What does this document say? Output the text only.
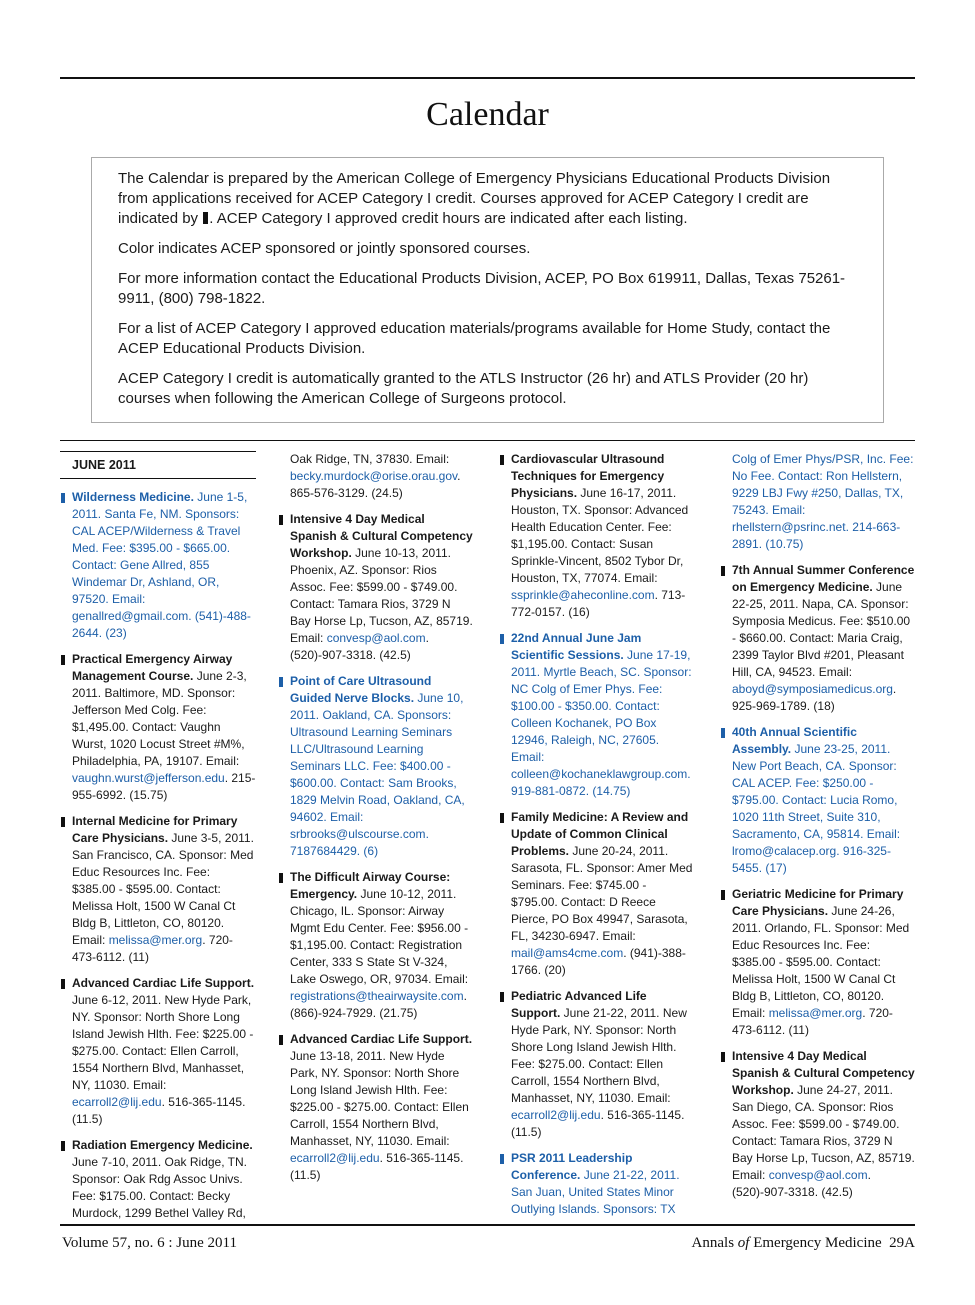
Calendar

The Calendar is prepared by the American College of Emergency Physicians Educational Products Division from applications received for ACEP Category I credit. Courses approved for ACEP Category I credit are indicated by . ACEP Category I approved credit hours are indicated after each listing.

Color indicates ACEP sponsored or jointly sponsored courses.

For more information contact the Educational Products Division, ACEP, PO Box 619911, Dallas, Texas 75261-9911, (800) 798-1822.

For a list of ACEP Category I approved education materials/programs available for Home Study, contact the ACEP Educational Products Division.

ACEP Category I credit is automatically granted to the ATLS Instructor (26 hr) and ATLS Provider (20 hr) courses when following the American College of Surgeons protocol.

JUNE 2011
Wilderness Medicine. June 1-5, 2011. Santa Fe, NM. Sponsors: CAL ACEP/Wilderness & Travel Med. Fee: $395.00 - $665.00. Contact: Gene Allred, 855 Windemar Dr, Ashland, OR, 97520. Email: genallred@gmail.com. (541)-488-2644. (23)
Practical Emergency Airway Management Course. June 2-3, 2011. Baltimore, MD. Sponsor: Jefferson Med Colg. Fee: $1,495.00. Contact: Vaughn Wurst, 1020 Locust Street #M%, Philadelphia, PA, 19107. Email: vaughn.wurst@jefferson.edu. 215-955-6992. (15.75)
Internal Medicine for Primary Care Physicians. June 3-5, 2011. San Francisco, CA. Sponsor: Med Educ Resources Inc. Fee: $385.00 - $595.00. Contact: Melissa Holt, 1500 W Canal Ct Bldg B, Littleton, CO, 80120. Email: melissa@mer.org. 720-473-6112. (11)
Advanced Cardiac Life Support. June 6-12, 2011. New Hyde Park, NY. Sponsor: North Shore Long Island Jewish Hlth. Fee: $225.00 - $275.00. Contact: Ellen Carroll, 1554 Northern Blvd, Manhasset, NY, 11030. Email: ecarroll2@lij.edu. 516-365-1145. (11.5)
Radiation Emergency Medicine. June 7-10, 2011. Oak Ridge, TN. Sponsor: Oak Rdg Assoc Univs. Fee: $175.00. Contact: Becky Murdock, 1299 Bethel Valley Rd,
Oak Ridge, TN, 37830. Email: becky.murdock@orise.orau.gov. 865-576-3129. (24.5)
Intensive 4 Day Medical Spanish & Cultural Competency Workshop. June 10-13, 2011. Phoenix, AZ. Sponsor: Rios Assoc. Fee: $599.00 - $749.00. Contact: Tamara Rios, 3729 N Bay Horse Lp, Tucson, AZ, 85719. Email: convesp@aol.com. (520)-907-3318. (42.5)
Point of Care Ultrasound Guided Nerve Blocks. June 10, 2011. Oakland, CA. Sponsors: Ultrasound Learning Seminars LLC/Ultrasound Learning Seminars LLC. Fee: $400.00 - $600.00. Contact: Sam Brooks, 1829 Melvin Road, Oakland, CA, 94602. Email: srbrooks@ulscourse.com. 7187684429. (6)
The Difficult Airway Course: Emergency. June 10-12, 2011. Chicago, IL. Sponsor: Airway Mgmt Edu Center. Fee: $956.00 - $1,195.00. Contact: Registration Center, 333 S State St V-324, Lake Oswego, OR, 97034. Email: registrations@theairwaysite.com. (866)-924-7929. (21.75)
Advanced Cardiac Life Support. June 13-18, 2011. New Hyde Park, NY. Sponsor: North Shore Long Island Jewish Hlth. Fee: $225.00 - $275.00. Contact: Ellen Carroll, 1554 Northern Blvd, Manhasset, NY, 11030. Email: ecarroll2@lij.edu. 516-365-1145. (11.5)
Cardiovascular Ultrasound Techniques for Emergency Physicians. June 16-17, 2011. Houston, TX. Sponsor: Advanced Health Education Center. Fee: $1,195.00. Contact: Susan Sprinkle-Vincent, 8502 Tybor Dr, Houston, TX, 77074. Email: ssprinkle@aheconline.com. 713-772-0157. (16)
22nd Annual June Jam Scientific Sessions. June 17-19, 2011. Myrtle Beach, SC. Sponsor: NC Colg of Emer Phys. Fee: $100.00 - $350.00. Contact: Colleen Kochanek, PO Box 12946, Raleigh, NC, 27605. Email: colleen@kochaneklawgroup.com. 919-881-0872. (14.75)
Family Medicine: A Review and Update of Common Clinical Problems. June 20-24, 2011. Sarasota, FL. Sponsor: Amer Med Seminars. Fee: $745.00 - $795.00. Contact: D Reece Pierce, PO Box 49947, Sarasota, FL, 34230-6947. Email: mail@ams4cme.com. (941)-388-1766. (20)
Pediatric Advanced Life Support. June 21-22, 2011. New Hyde Park, NY. Sponsor: North Shore Long Island Jewish Hlth. Fee: $275.00. Contact: Ellen Carroll, 1554 Northern Blvd, Manhasset, NY, 11030. Email: ecarroll2@lij.edu. 516-365-1145. (11.5)
PSR 2011 Leadership Conference. June 21-22, 2011. San Juan, United States Minor Outlying Islands. Sponsors: TX
Colg of Emer Phys/PSR, Inc. Fee: No Fee. Contact: Ron Hellstern, 9229 LBJ Fwy #250, Dallas, TX, 75243. Email: rhellstern@psrinc.net. 214-663-2891. (10.75)
7th Annual Summer Conference on Emergency Medicine. June 22-25, 2011. Napa, CA. Sponsor: Symposia Medicus. Fee: $510.00 - $660.00. Contact: Maria Craig, 2399 Taylor Blvd #201, Pleasant Hill, CA, 94523. Email: aboyd@symposiamedicus.org. 925-969-1789. (18)
40th Annual Scientific Assembly. June 23-25, 2011. New Port Beach, CA. Sponsor: CAL ACEP. Fee: $250.00 - $795.00. Contact: Lucia Romo, 1020 11th Street, Suite 310, Sacramento, CA, 95814. Email: lromo@calacep.org. 916-325-5455. (17)
Geriatric Medicine for Primary Care Physicians. June 24-26, 2011. Orlando, FL. Sponsor: Med Educ Resources Inc. Fee: $385.00 - $595.00. Contact: Melissa Holt, 1500 W Canal Ct Bldg B, Littleton, CO, 80120. Email: melissa@mer.org. 720-473-6112. (11)
Intensive 4 Day Medical Spanish & Cultural Competency Workshop. June 24-27, 2011. San Diego, CA. Sponsor: Rios Assoc. Fee: $599.00 - $749.00. Contact: Tamara Rios, 3729 N Bay Horse Lp, Tucson, AZ, 85719. Email: convesp@aol.com. (520)-907-3318. (42.5)
Volume 57, no. 6 : June 2011	Annals of Emergency Medicine 29A
